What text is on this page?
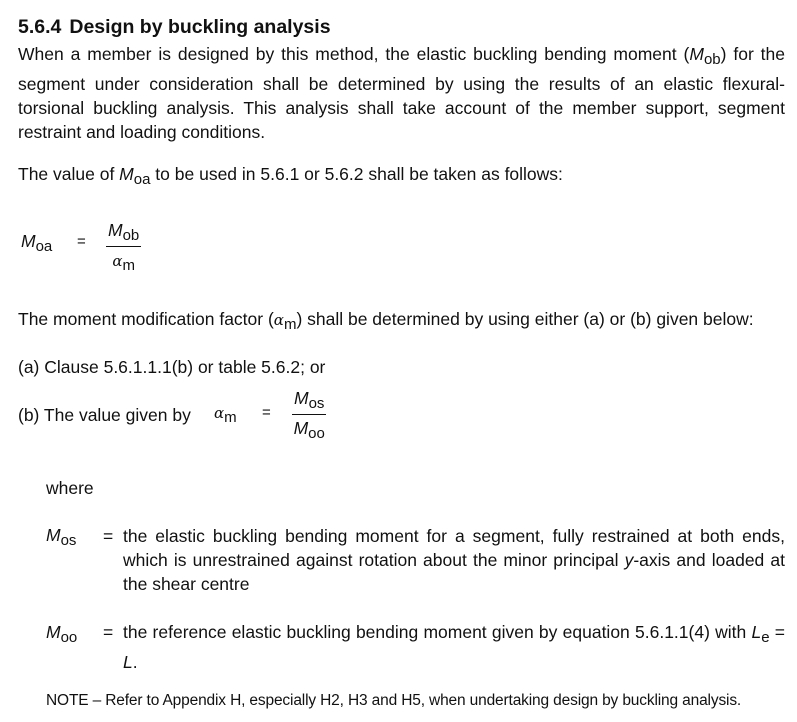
5.6.4 Design by buckling analysis
When a member is designed by this method, the elastic buckling bending moment (Mob) for the segment under consideration shall be determined by using the results of an elastic flexural-torsional buckling analysis. This analysis shall take account of the member support, segment restraint and loading conditions.
The value of Moa to be used in 5.6.1 or 5.6.2 shall be taken as follows:
Moa =
Mob
αm
The moment modification factor (αm) shall be determined by using either (a) or (b) given below:
(a) Clause 5.6.1.1.1(b) or table 5.6.2; or
(b) The value given by αm =
Mos
Moo
where
Mos = the elastic buckling bending moment for a segment, fully restrained at both ends, which is unrestrained against rotation about the minor principal y-axis and loaded at the shear centre
Moo = the reference elastic buckling bending moment given by equation 5.6.1.1(4) with Le = L.
NOTE – Refer to Appendix H, especially H2, H3 and H5, when undertaking design by buckling analysis.
